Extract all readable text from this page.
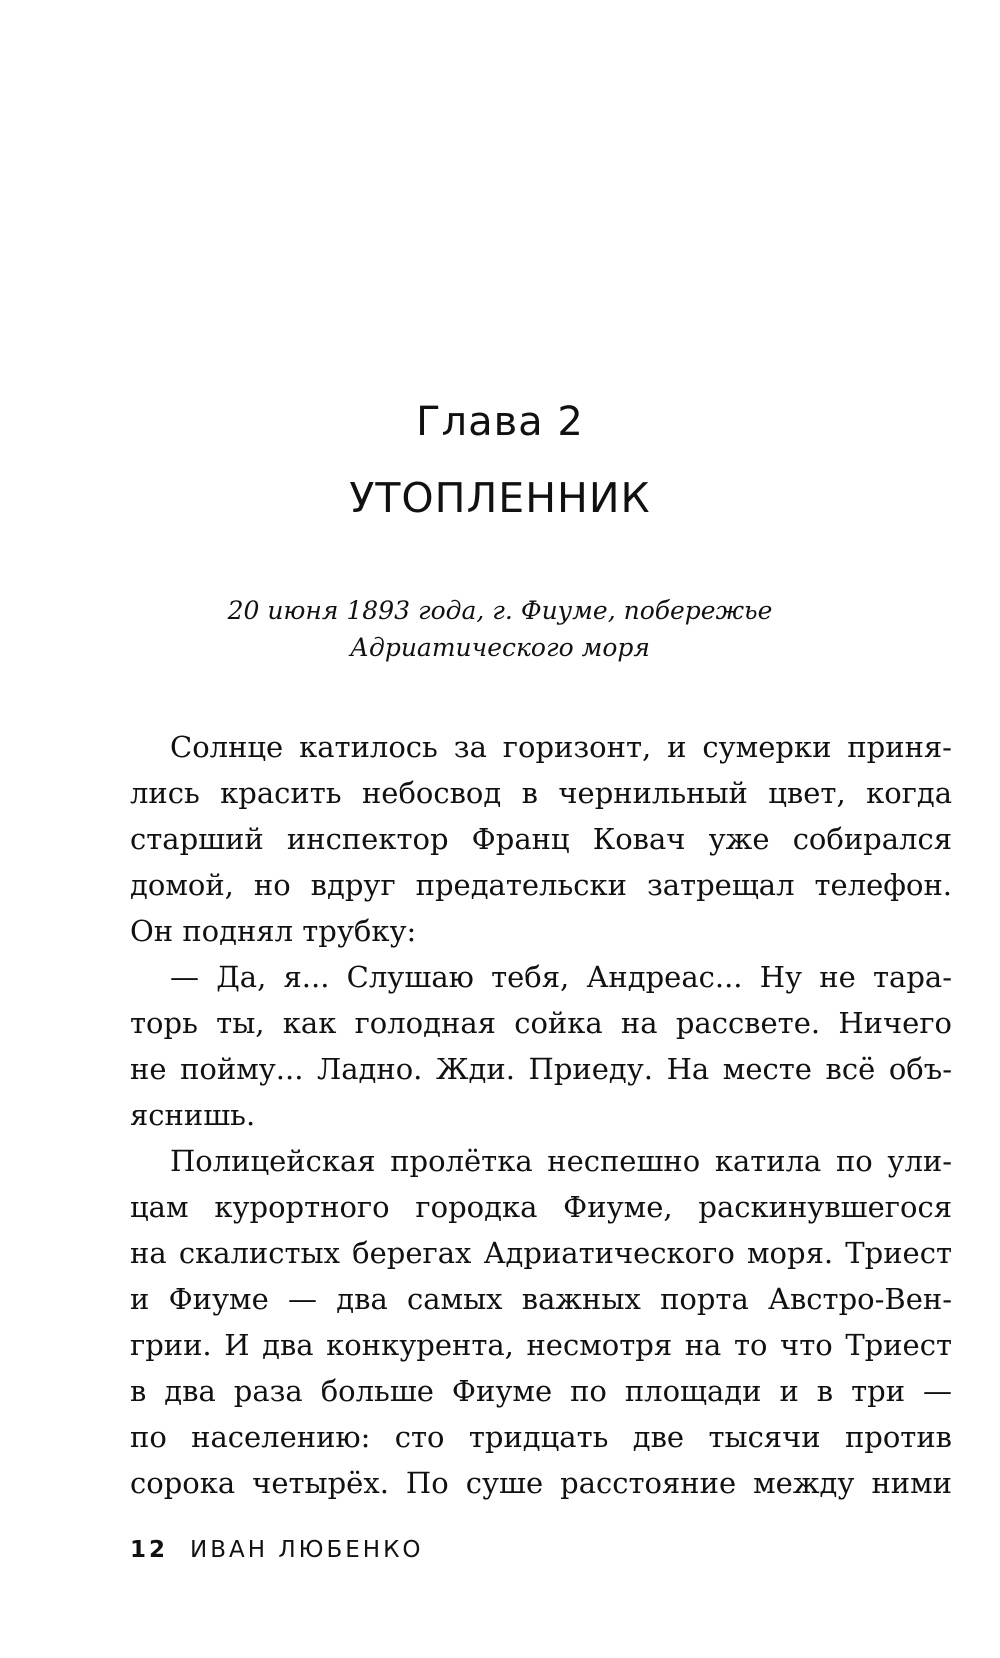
Глава 2
УТОПЛЕННИК
20 июня 1893 года, г. Фиуме, побережье
Адриатического моря
Солнце катилось за горизонт, и сумерки приня-
лись красить небосвод в чернильный цвет, когда
старший инспектор Франц Ковач уже собирался
домой, но вдруг предательски затрещал телефон.
Он поднял трубку:
— Да, я... Слушаю тебя, Андреас... Ну не тара-
торь ты, как голодная сойка на рассвете. Ничего
не пойму... Ладно. Жди. Приеду. На месте всё объ-
яснишь.
Полицейская пролётка неспешно катила по ули-
цам курортного городка Фиуме, раскинувшегося
на скалистых берегах Адриатического моря. Триест
и Фиуме — два самых важных порта Австро-Вен-
грии. И два конкурента, несмотря на то что Триест
в два раза больше Фиуме по площади и в три —
по населению: сто тридцать две тысячи против
сорока четырёх. По суше расстояние между ними
12 ИВАН ЛЮБЕНКО
